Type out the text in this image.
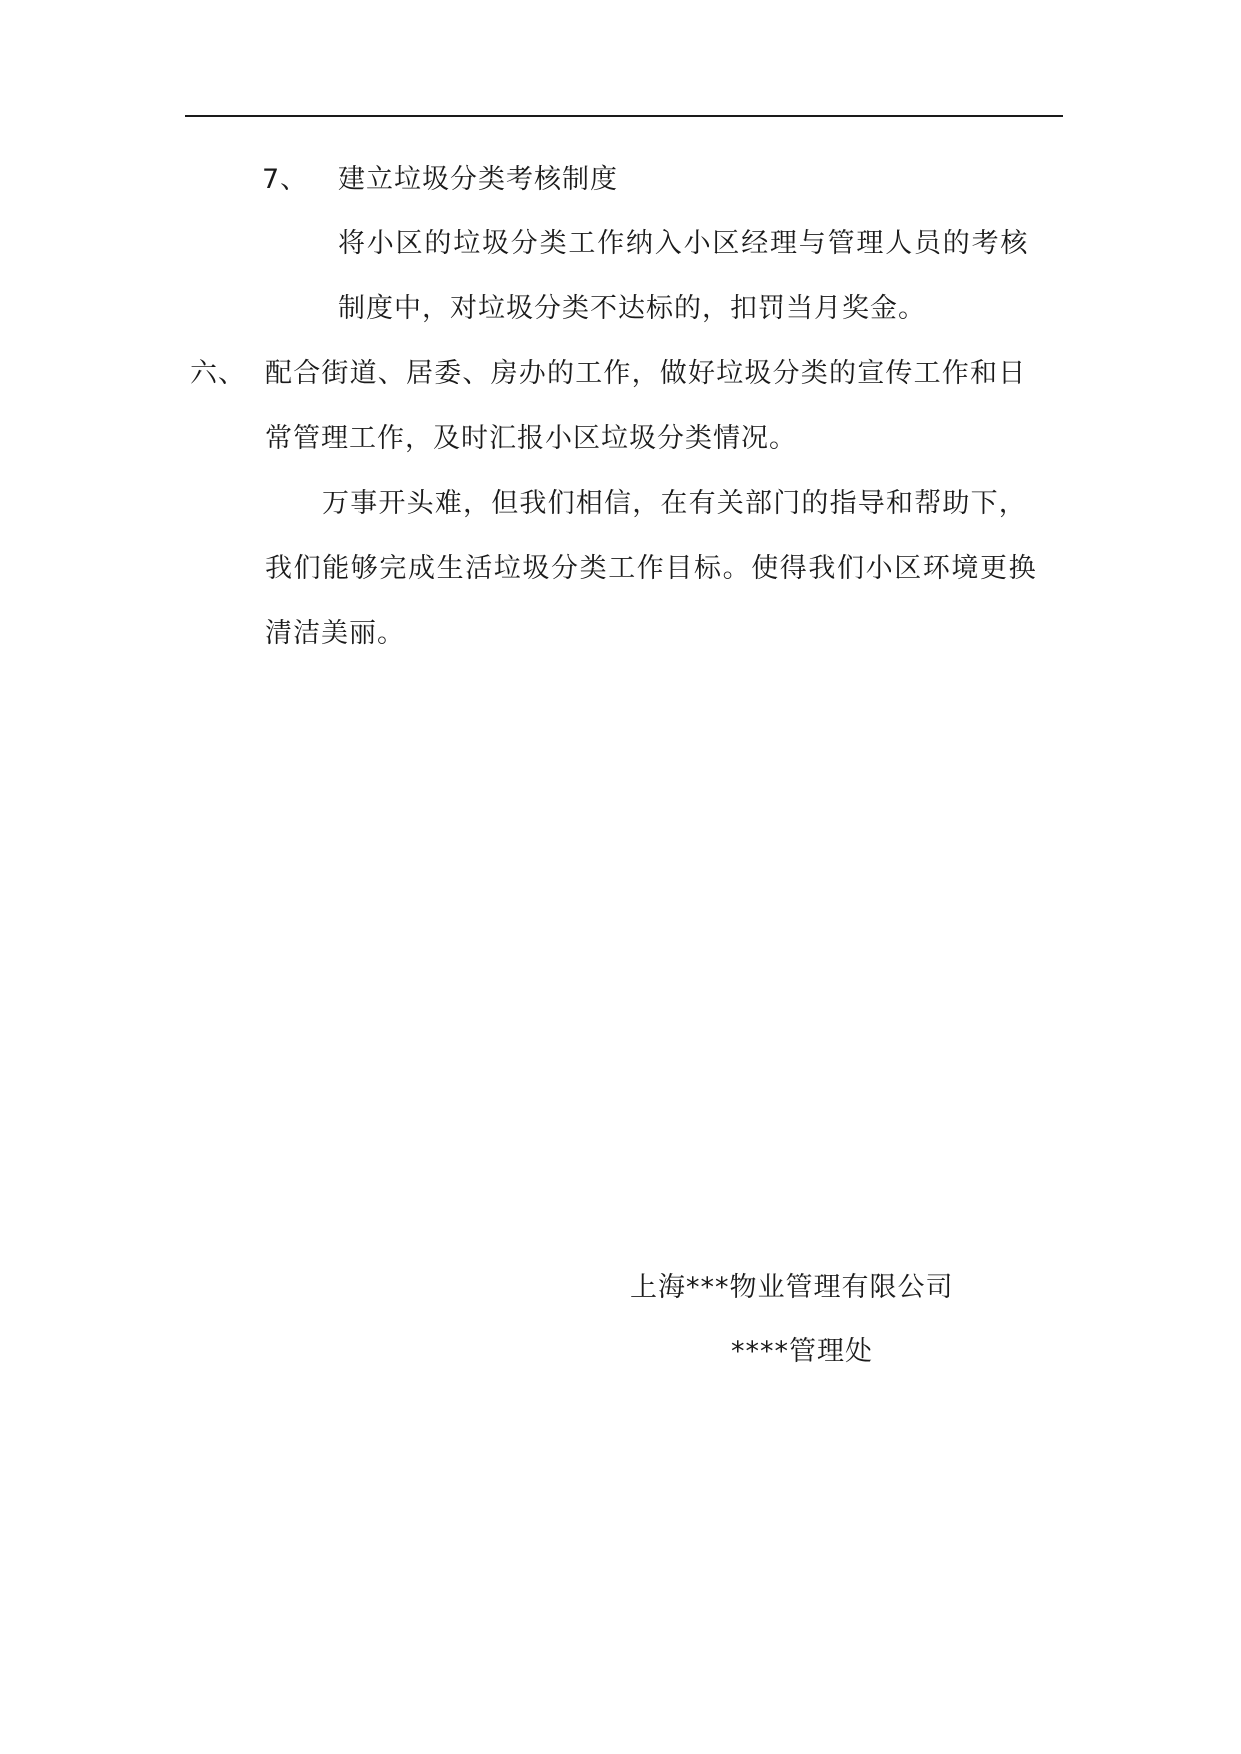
7、 建立垃圾分类考核制度
将小区的垃圾分类工作纳入小区经理与管理人员的考核
制度中，对垃圾分类不达标的，扣罚当月奖金。
六、 配合街道、居委、房办的工作，做好垃圾分类的宣传工作和日
常管理工作，及时汇报小区垃圾分类情况。
万事开头难，但我们相信，在有关部门的指导和帮助下，
我们能够完成生活垃圾分类工作目标。使得我们小区环境更换
清洁美丽。
上海***物业管理有限公司
****管理处
